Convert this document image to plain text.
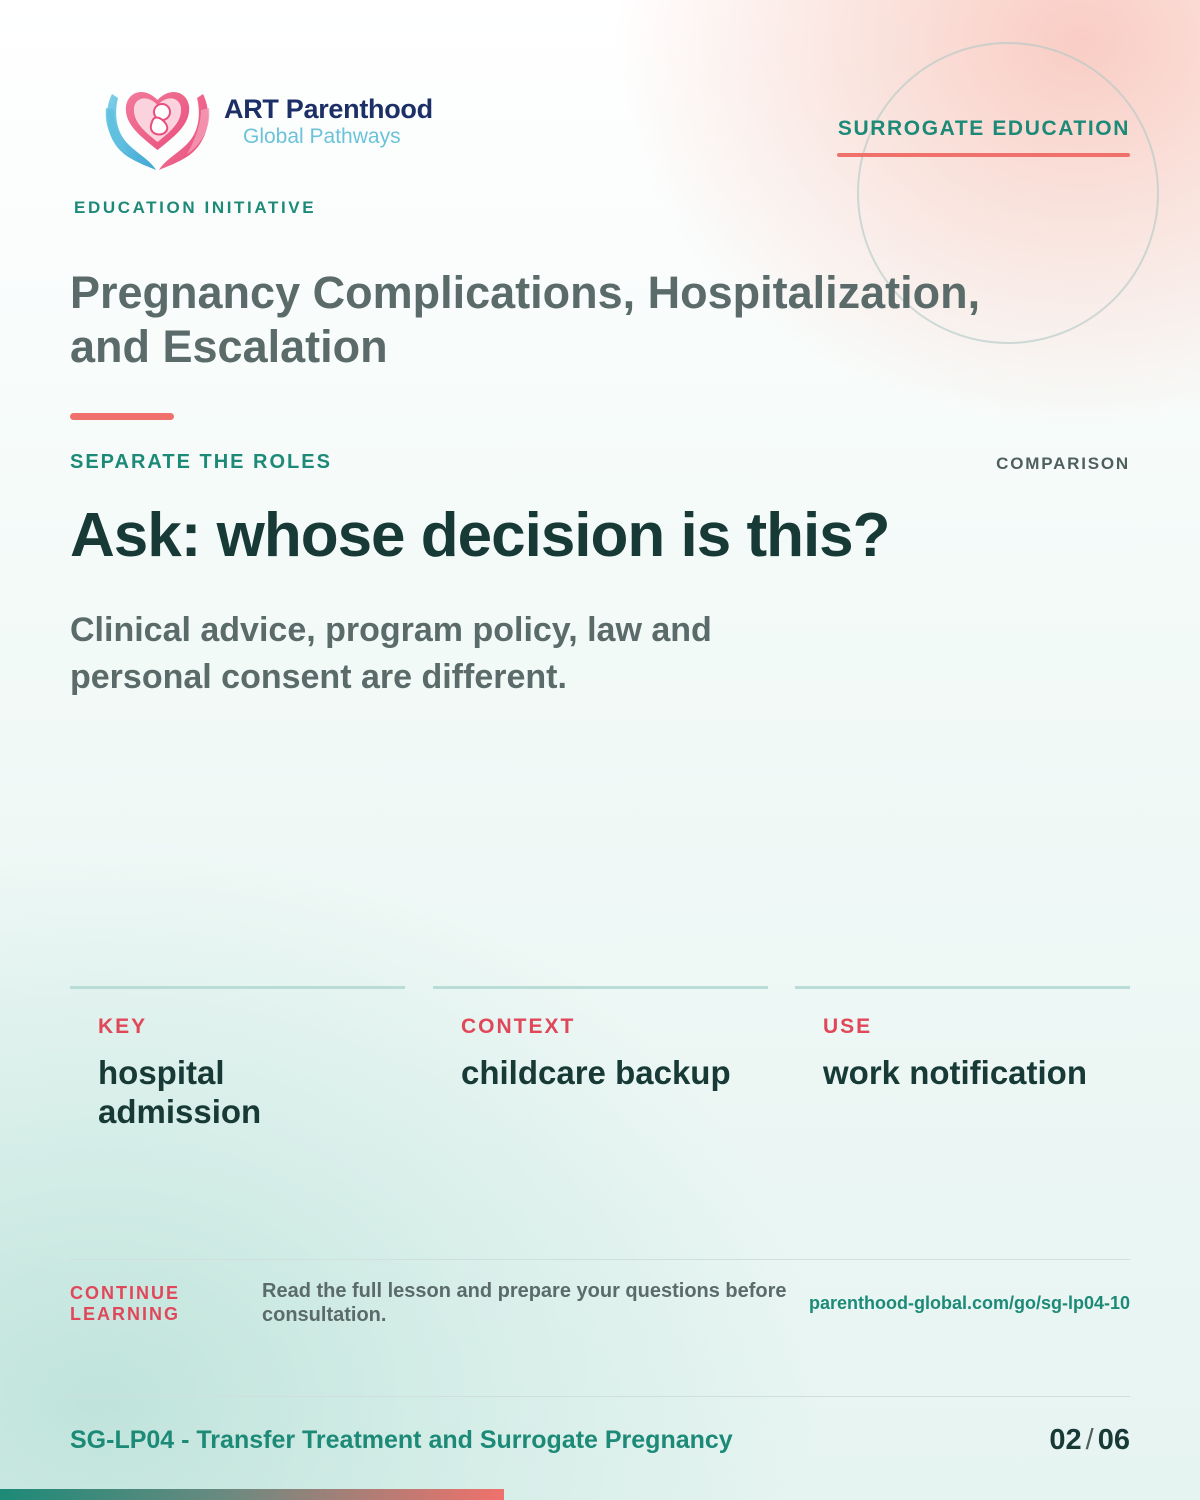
ART Parenthood
Global Pathways
EDUCATION INITIATIVE
SURROGATE EDUCATION
Pregnancy Complications, Hospitalization, and Escalation
SEPARATE THE ROLES	COMPARISON
Ask: whose decision is this?
Clinical advice, program policy, law and personal consent are different.
KEY
hospital admission
CONTEXT
childcare backup
USE
work notification
CONTINUE LEARNING
Read the full lesson and prepare your questions before consultation.
parenthood-global.com/go/sg-lp04-10
SG-LP04 - Transfer Treatment and Surrogate Pregnancy	02 / 06
